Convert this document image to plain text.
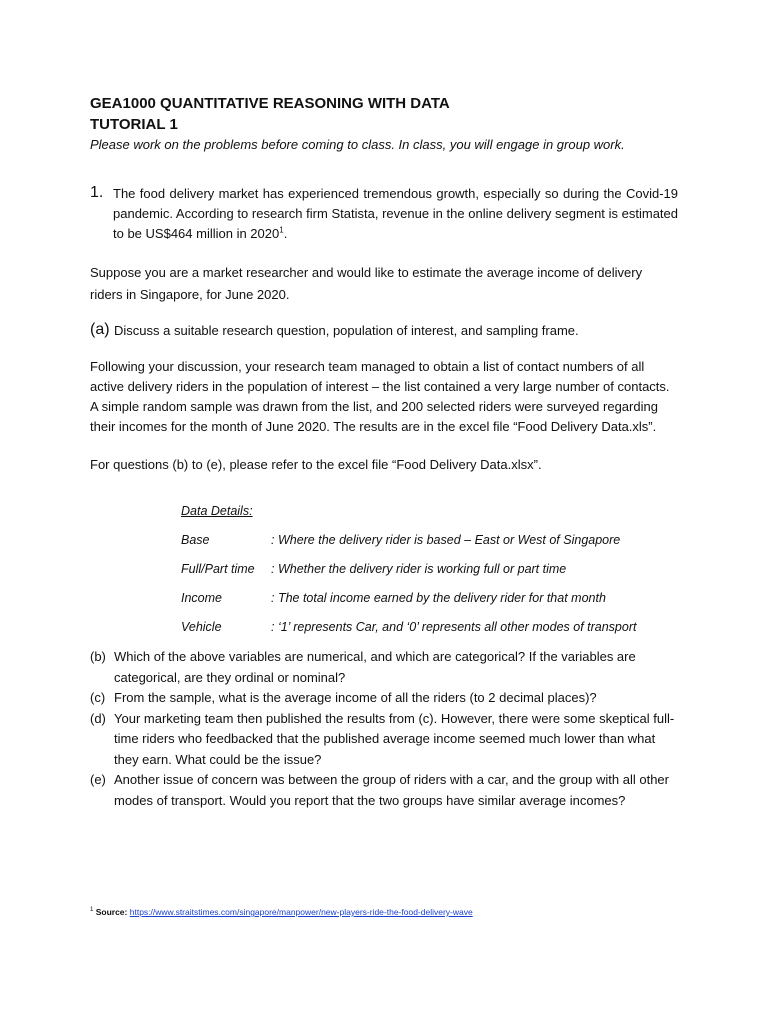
GEA1000 QUANTITATIVE REASONING WITH DATA

TUTORIAL 1

Please work on the problems before coming to class. In class, you will engage in group work.

1. The food delivery market has experienced tremendous growth, especially so during the Covid-19 pandemic. According to research firm Statista, revenue in the online delivery segment is estimated to be US$464 million in 2020$^1$.

Suppose you are a market researcher and would like to estimate the average income of delivery riders in Singapore, for June 2020.

(a) Discuss a suitable research question, population of interest, and sampling frame.

Following your discussion, your research team managed to obtain a list of contact numbers of all active delivery riders in the population of interest – the list contained a very large number of contacts. A simple random sample was drawn from the list, and 200 selected riders were surveyed regarding their incomes for the month of June 2020. The results are in the excel file “Food Delivery Data.xls”.

For questions (b) to (e), please refer to the excel file “Food Delivery Data.xlsx”.

Data Details:
Base	: Where the delivery rider is based – East or West of Singapore
Full/Part time	: Whether the delivery rider is working full or part time
Income	: The total income earned by the delivery rider for that month
Vehicle	: ‘1’ represents Car, and ‘0’ represents all other modes of transport
(b) Which of the above variables are numerical, and which are categorical? If the variables are categorical, are they ordinal or nominal?
(c) From the sample, what is the average income of all the riders (to 2 decimal places)?
(d) Your marketing team then published the results from (c). However, there were some skeptical full-time riders who feedbacked that the published average income seemed much lower than what they earn. What could be the issue?
(e) Another issue of concern was between the group of riders with a car, and the group with all other modes of transport. Would you report that the two groups have similar average incomes?
$^1$ Source: https://www.straitstimes.com/singapore/manpower/new-players-ride-the-food-delivery-wave
